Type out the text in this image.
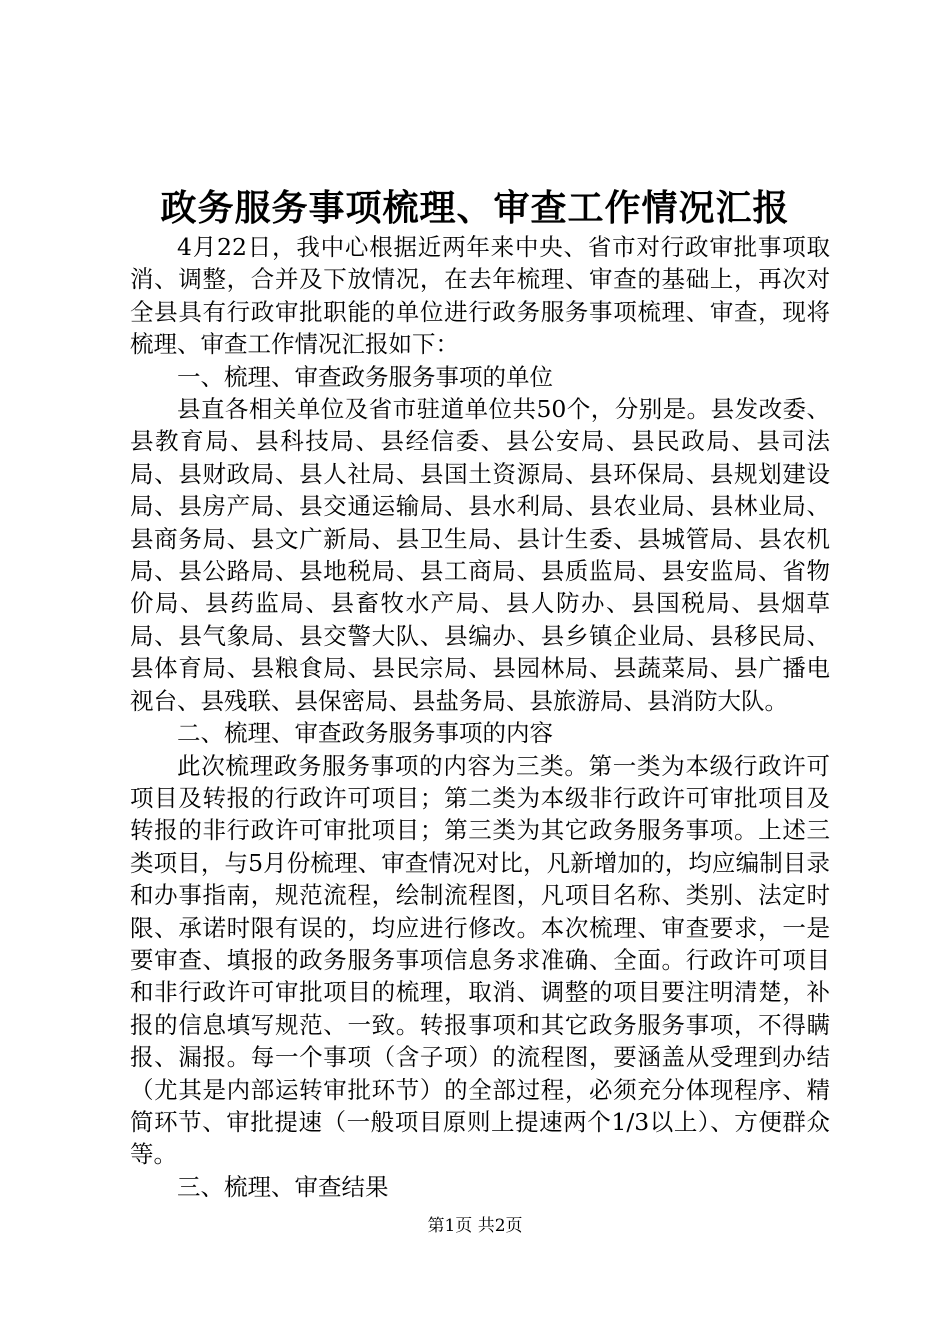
政务服务事项梳理、审查工作情况汇报

4月22日，我中心根据近两年来中央、省市对行政审批事项取消、调整，合并及下放情况，在去年梳理、审查的基础上，再次对全县具有行政审批职能的单位进行政务服务事项梳理、审查，现将梳理、审查工作情况汇报如下：

一、梳理、审查政务服务事项的单位

县直各相关单位及省市驻道单位共50个，分别是。县发改委、县教育局、县科技局、县经信委、县公安局、县民政局、县司法局、县财政局、县人社局、县国土资源局、县环保局、县规划建设局、县房产局、县交通运输局、县水利局、县农业局、县林业局、县商务局、县文广新局、县卫生局、县计生委、县城管局、县农机局、县公路局、县地税局、县工商局、县质监局、县安监局、省物价局、县药监局、县畜牧水产局、县人防办、县国税局、县烟草局、县气象局、县交警大队、县编办、县乡镇企业局、县移民局、县体育局、县粮食局、县民宗局、县园林局、县蔬菜局、县广播电视台、县残联、县保密局、县盐务局、县旅游局、县消防大队。

二、梳理、审查政务服务事项的内容

此次梳理政务服务事项的内容为三类。第一类为本级行政许可项目及转报的行政许可项目；第二类为本级非行政许可审批项目及转报的非行政许可审批项目；第三类为其它政务服务事项。上述三类项目，与5月份梳理、审查情况对比，凡新增加的，均应编制目录和办事指南，规范流程，绘制流程图，凡项目名称、类别、法定时限、承诺时限有误的，均应进行修改。本次梳理、审查要求，一是要审查、填报的政务服务事项信息务求准确、全面。行政许可项目和非行政许可审批项目的梳理，取消、调整的项目要注明清楚，补报的信息填写规范、一致。转报事项和其它政务服务事项，不得瞒报、漏报。每一个事项（含子项）的流程图，要涵盖从受理到办结（尤其是内部运转审批环节）的全部过程，必须充分体现程序、精简环节、审批提速（一般项目原则上提速两个1/3以上）、方便群众等。

三、梳理、审查结果

第1页 共2页
